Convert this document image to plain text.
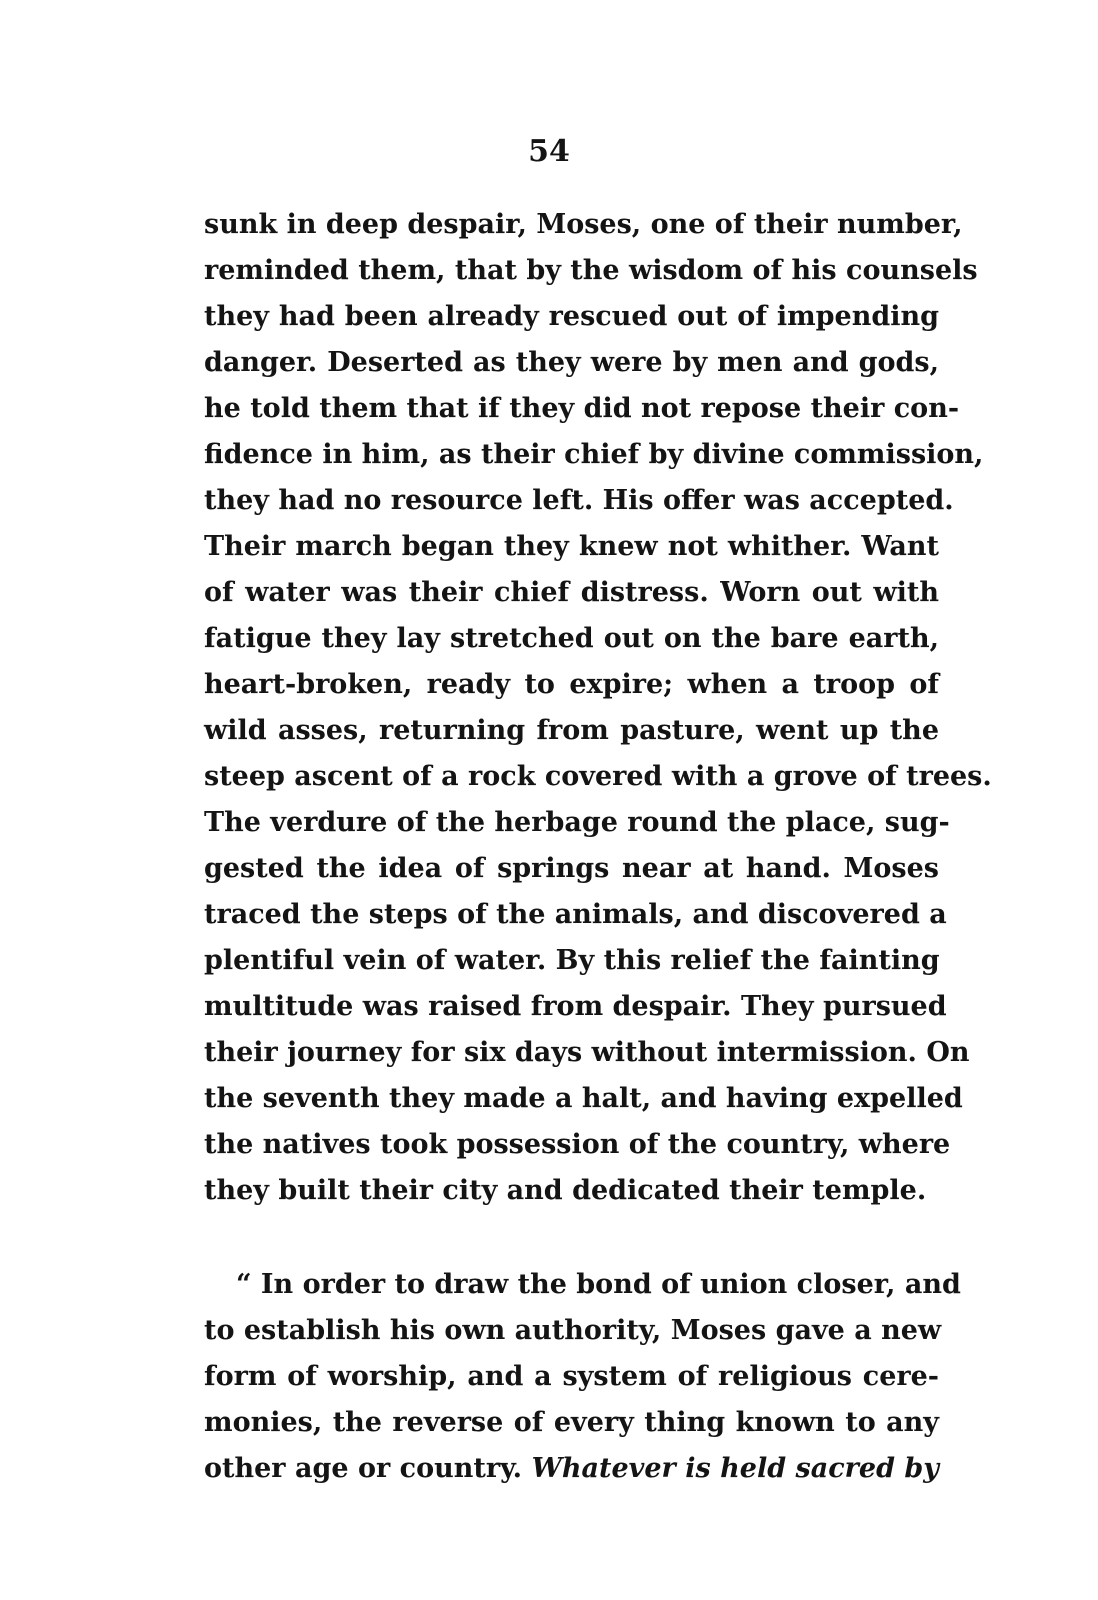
54
sunk in deep despair, Moses, one of their number,
reminded them, that by the wisdom of his counsels
they had been already rescued out of impending
danger. Deserted as they were by men and gods,
he told them that if they did not repose their con-
fidence in him, as their chief by divine commission,
they had no resource left. His offer was accepted.
Their march began they knew not whither. Want
of water was their chief distress. Worn out with
fatigue they lay stretched out on the bare earth,
heart-broken, ready to expire; when a troop of
wild asses, returning from pasture, went up the
steep ascent of a rock covered with a grove of trees.
The verdure of the herbage round the place, sug-
gested the idea of springs near at hand. Moses
traced the steps of the animals, and discovered a
plentiful vein of water. By this relief the fainting
multitude was raised from despair. They pursued
their journey for six days without intermission. On
the seventh they made a halt, and having expelled
the natives took possession of the country, where
they built their city and dedicated their temple.
“ In order to draw the bond of union closer, and
to establish his own authority, Moses gave a new
form of worship, and a system of religious cere-
monies, the reverse of every thing known to any
other age or country. Whatever is held sacred by
